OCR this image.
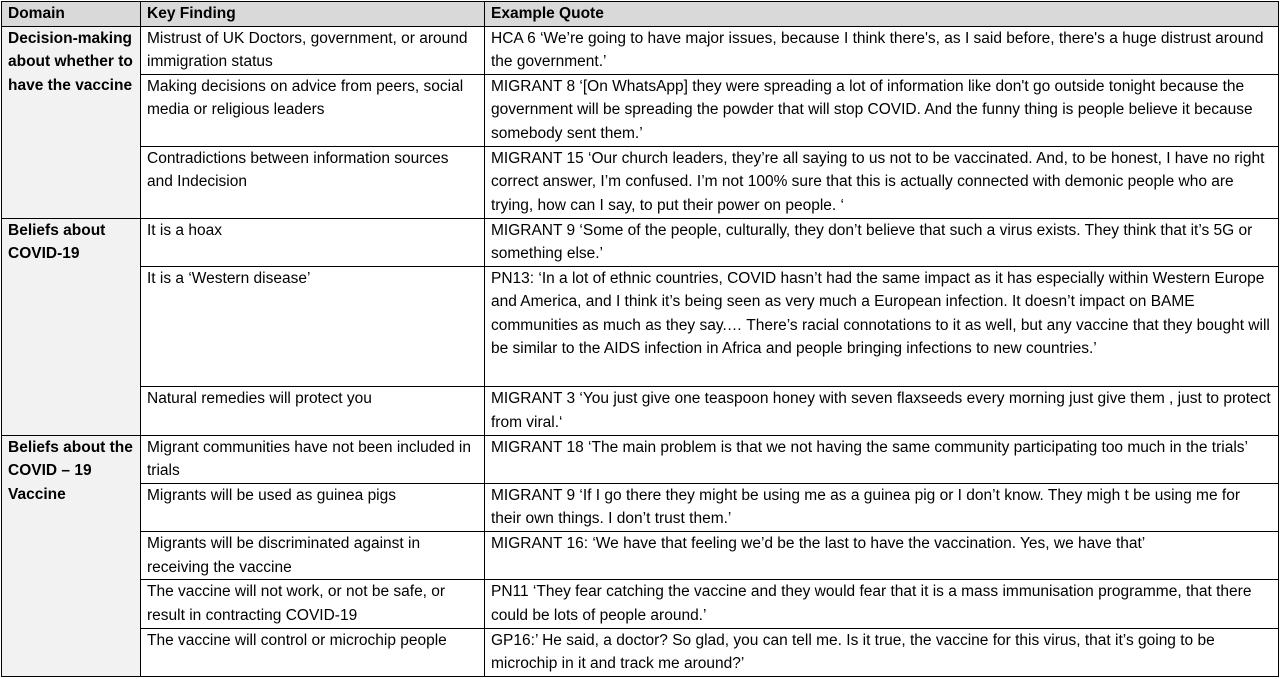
Domain	Key Finding	Example Quote
Decision-making about whether to have the vaccine	Mistrust of UK Doctors, government, or around immigration status	HCA 6 ‘We’re going to have major issues, because I think there's, as I said before, there's a huge distrust around the government.’
	Making decisions on advice from peers, social media or religious leaders	MIGRANT 8 ‘[On WhatsApp] they were spreading a lot of information like don't go outside tonight because the government will be spreading the powder that will stop COVID. And the funny thing is people believe it because somebody sent them.’
	Contradictions between information sources and Indecision	MIGRANT 15 ‘Our church leaders, they’re all saying to us not to be vaccinated. And, to be honest, I have no right correct answer, I’m confused. I’m not 100% sure that this is actually connected with demonic people who are trying, how can I say, to put their power on people. ‘
Beliefs about COVID-19	It is a hoax	MIGRANT 9 ‘Some of the people, culturally, they don’t believe that such a virus exists. They think that it’s 5G or something else.’
	It is a ‘Western disease’	PN13: ‘In a lot of ethnic countries, COVID hasn’t had the same impact as it has especially within Western Europe and America, and I think it’s being seen as very much a European infection. It doesn’t impact on BAME communities as much as they say.… There’s racial connotations to it as well, but any vaccine that they bought will be similar to the AIDS infection in Africa and people bringing infections to new countries.’
	Natural remedies will protect you	MIGRANT 3 ‘You just give one teaspoon honey with seven flaxseeds every morning just give them , just to protect from viral.‘
Beliefs about the COVID – 19 Vaccine	Migrant communities have not been included in trials	MIGRANT 18 ‘The main problem is that we not having the same community participating too much in the trials’
	Migrants will be used as guinea pigs	MIGRANT 9 ‘If I go there they might be using me as a guinea pig or I don’t know. They migh t be using me for their own things. I don’t trust them.’
	Migrants will be discriminated against in receiving the vaccine	MIGRANT 16: ‘We have that feeling we’d be the last to have the vaccination. Yes, we have that’
	The vaccine will not work, or not be safe, or result in contracting COVID-19	PN11 ‘They fear catching the vaccine and they would fear that it is a mass immunisation programme, that there could be lots of people around.’
	The vaccine will control or microchip people	GP16:’ He said, a doctor? So glad, you can tell me. Is it true, the vaccine for this virus, that it’s going to be microchip in it and track me around?’
